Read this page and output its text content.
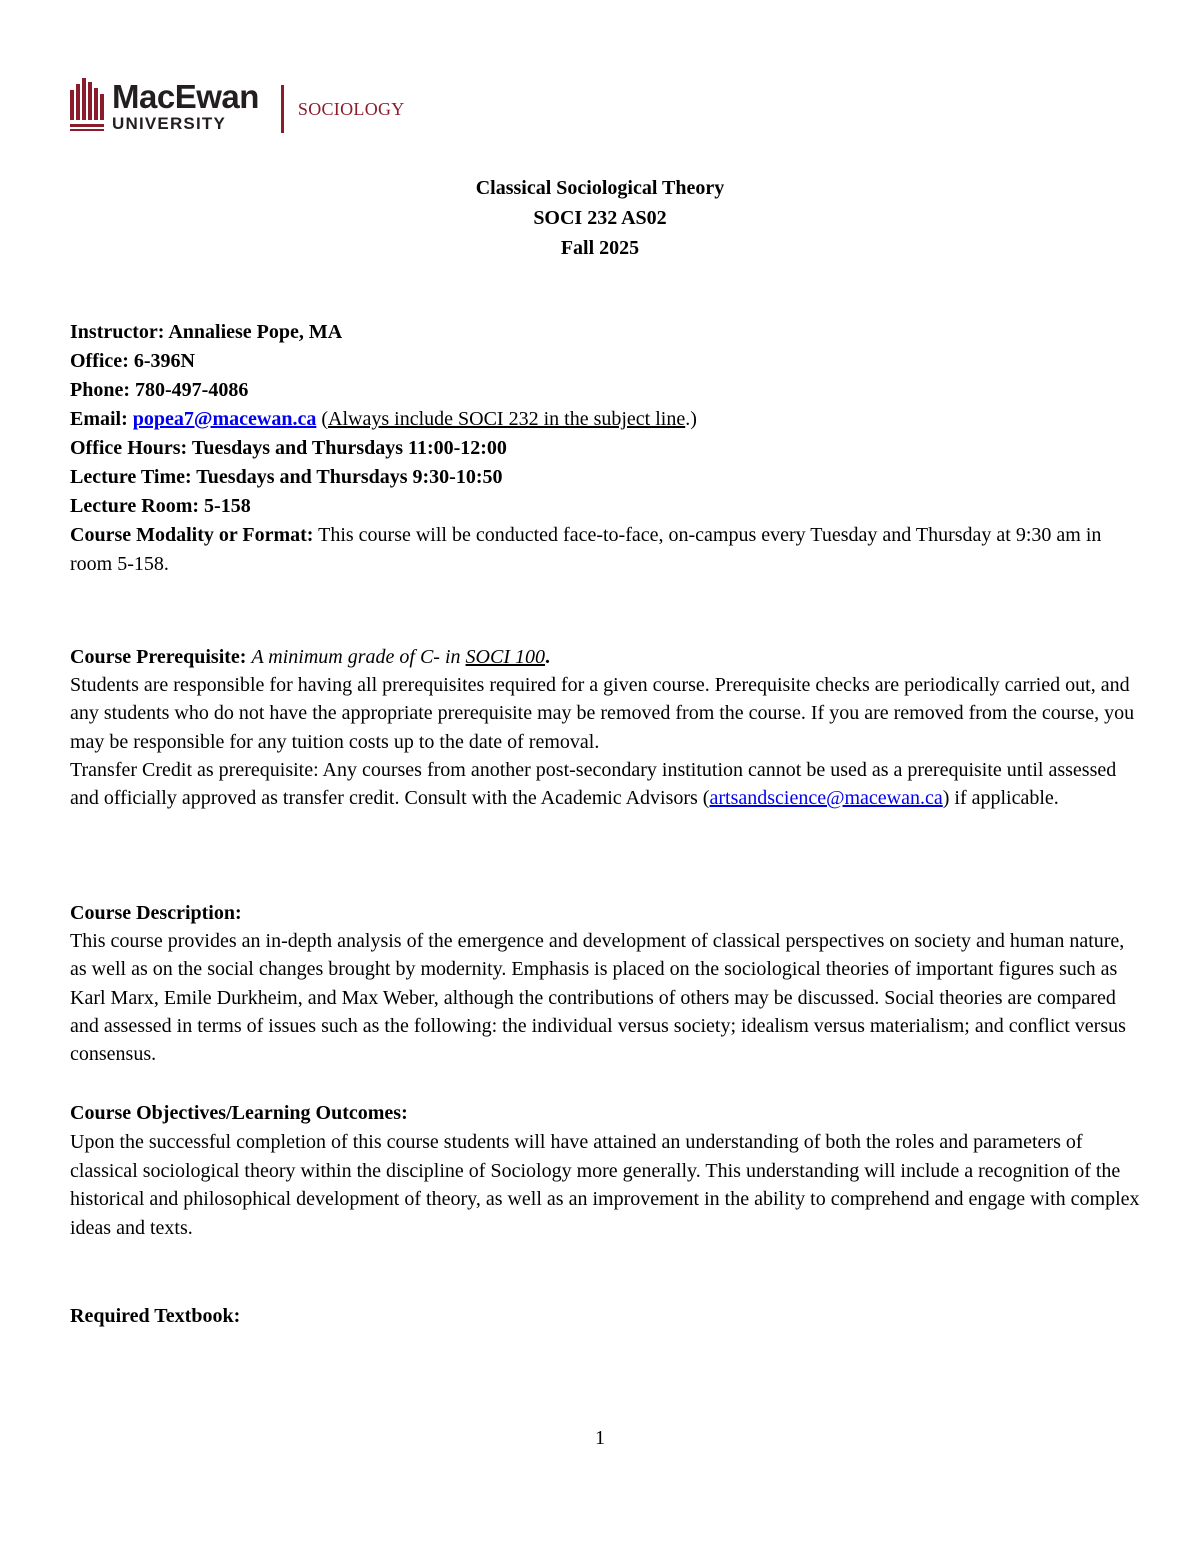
MacEwan
UNIVERSITY
SOCIOLOGY
Classical Sociological Theory
SOCI 232 AS02
Fall 2025

Instructor: Annaliese Pope, MA

Office: 6-396N

Phone: 780-497-4086

Email: popea7@macewan.ca (Always include SOCI 232 in the subject line.)

Office Hours: Tuesdays and Thursdays 11:00-12:00

Lecture Time: Tuesdays and Thursdays 9:30-10:50

Lecture Room: 5-158

Course Modality or Format: This course will be conducted face-to-face, on-campus every Tuesday and Thursday at 9:30 am in room 5-158.

Course Prerequisite: A minimum grade of C- in SOCI 100.

Students are responsible for having all prerequisites required for a given course. Prerequisite checks are periodically carried out, and any students who do not have the appropriate prerequisite may be removed from the course. If you are removed from the course, you may be responsible for any tuition costs up to the date of removal.

Transfer Credit as prerequisite: Any courses from another post-secondary institution cannot be used as a prerequisite until assessed and officially approved as transfer credit. Consult with the Academic Advisors (artsandscience@macewan.ca) if applicable.

Course Description:

This course provides an in-depth analysis of the emergence and development of classical perspectives on society and human nature, as well as on the social changes brought by modernity. Emphasis is placed on the sociological theories of important figures such as Karl Marx, Emile Durkheim, and Max Weber, although the contributions of others may be discussed. Social theories are compared and assessed in terms of issues such as the following: the individual versus society; idealism versus materialism; and conflict versus consensus.

Course Objectives/Learning Outcomes:

Upon the successful completion of this course students will have attained an understanding of both the roles and parameters of classical sociological theory within the discipline of Sociology more generally. This understanding will include a recognition of the historical and philosophical development of theory, as well as an improvement in the ability to comprehend and engage with complex ideas and texts.

Required Textbook:

1
